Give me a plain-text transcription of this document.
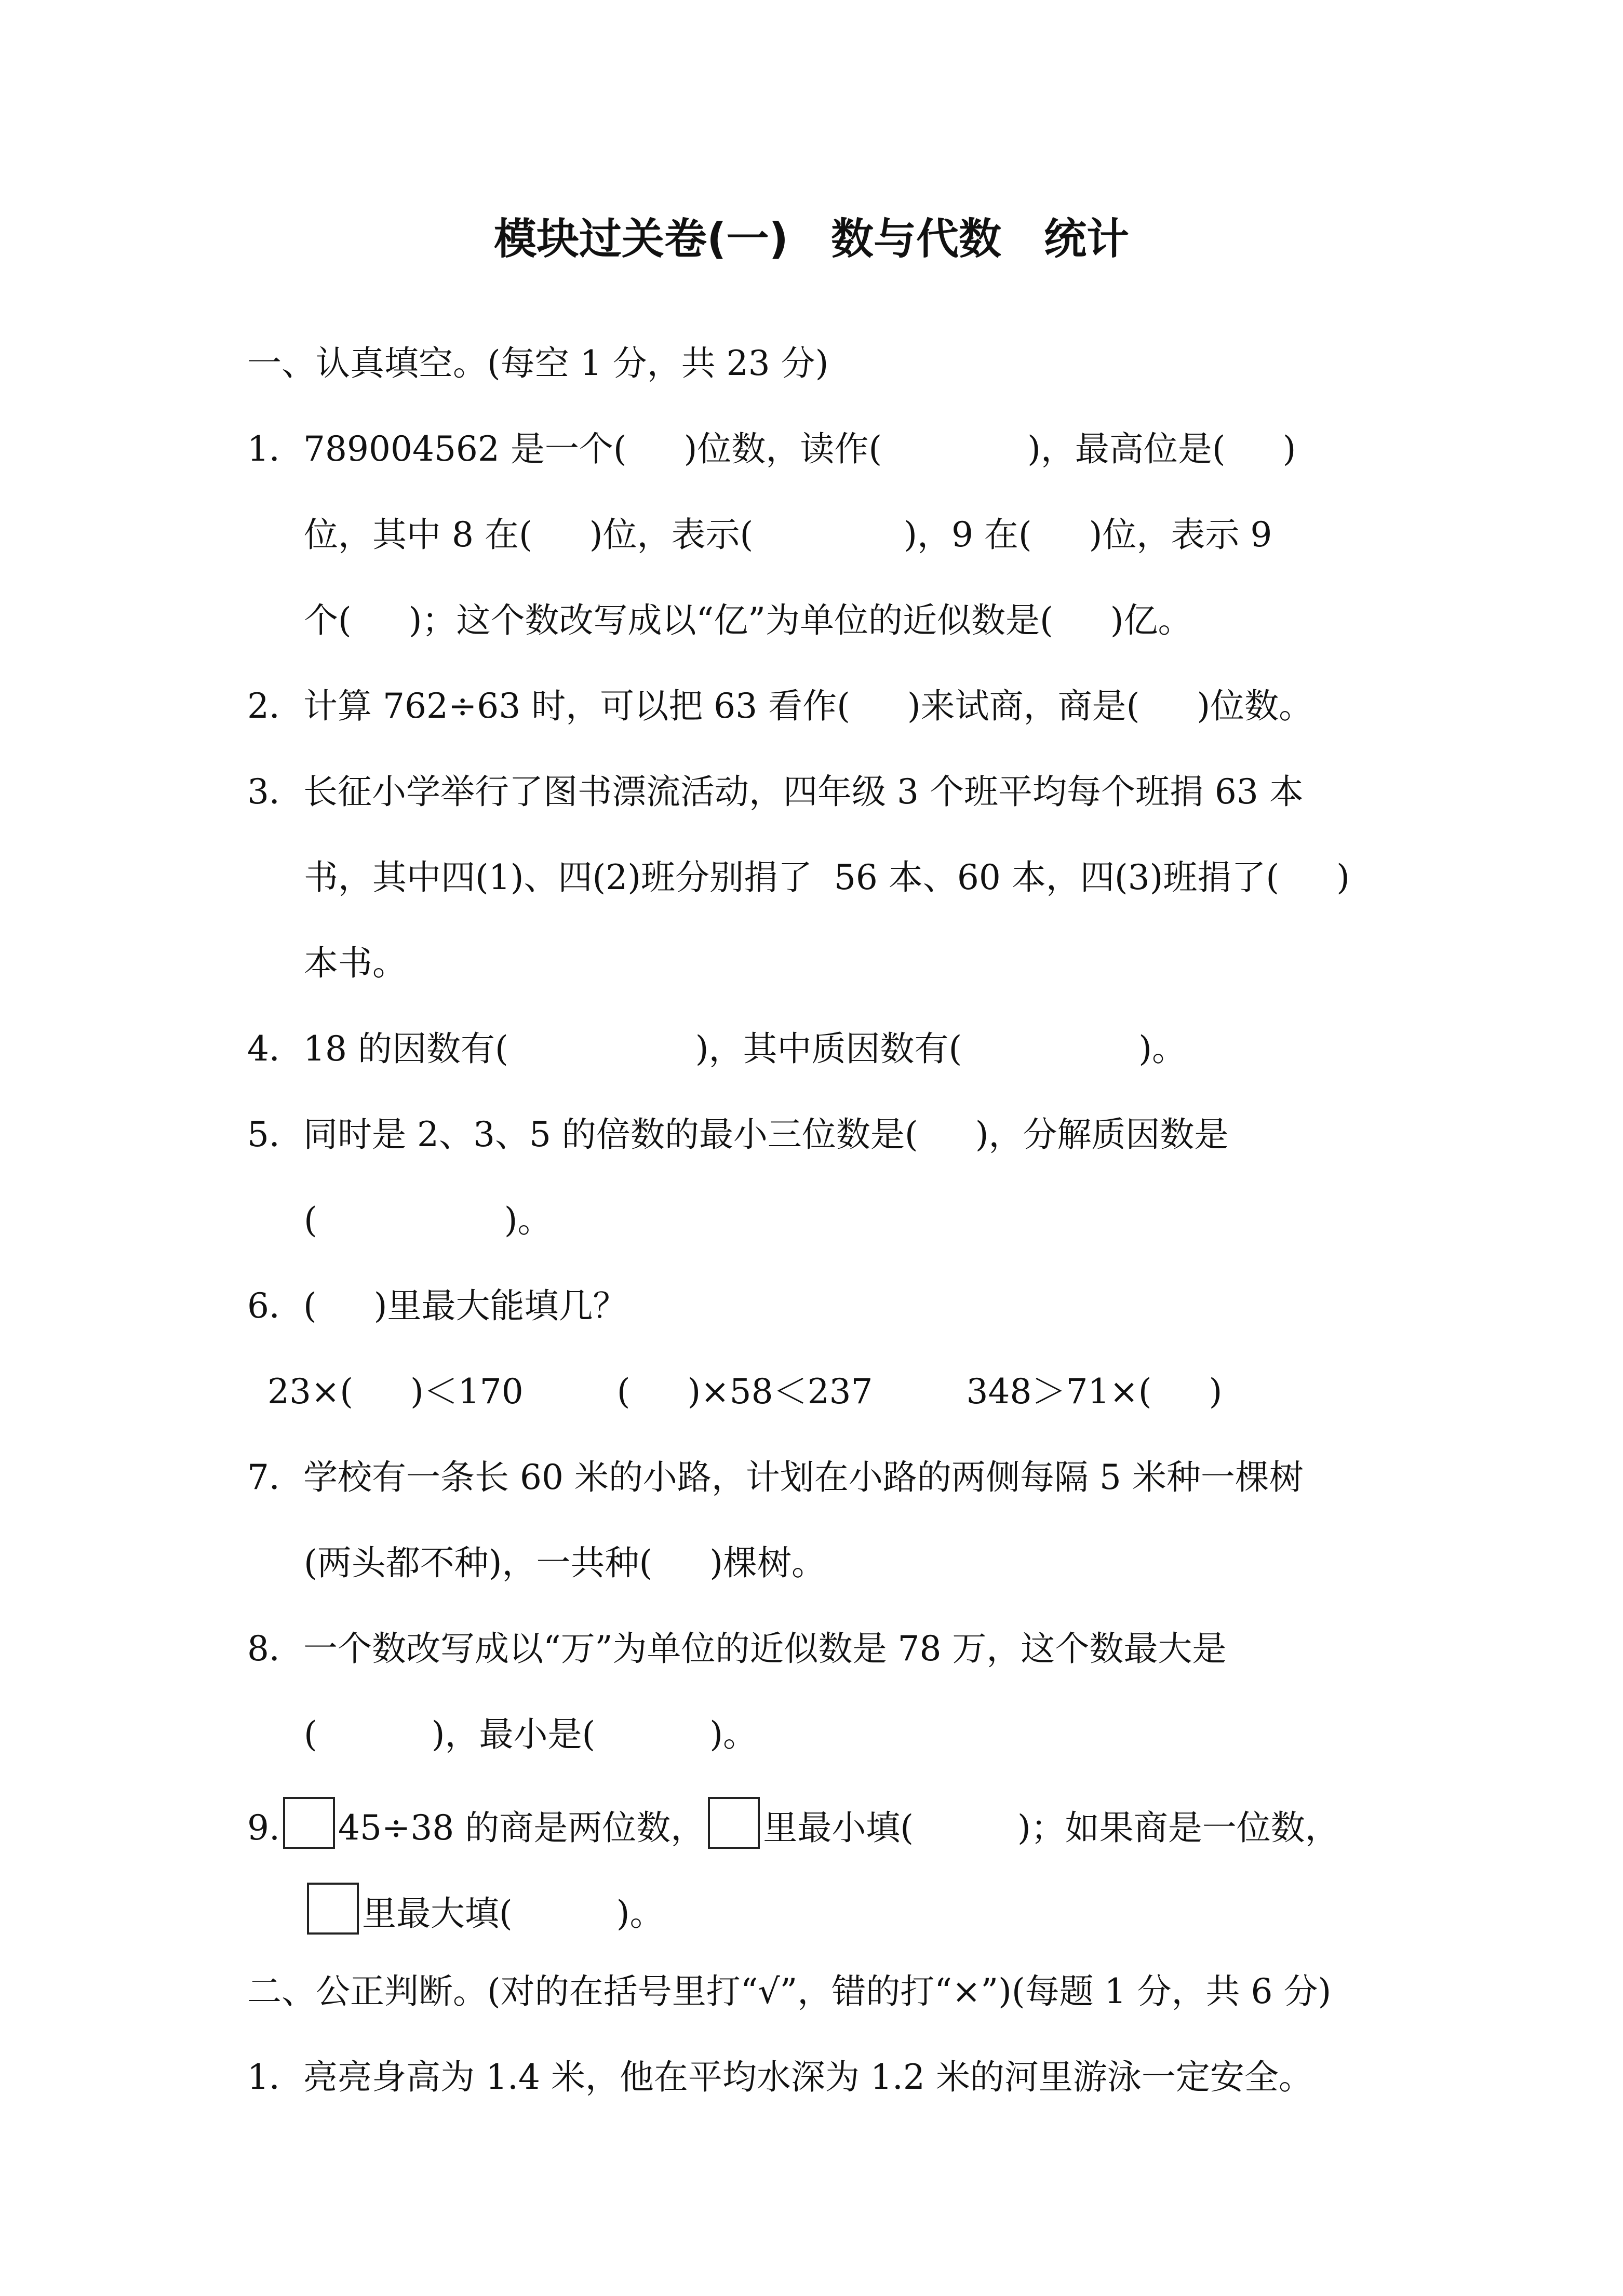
模块过关卷(一)　数与代数　统计
一、认真填空。(每空 1 分，共 23 分)
1．789004562 是一个( )位数，读作(	)，最高位是( )
位，其中 8 在( )位，表示(	)，9 在( )位，表示 9
个( )；这个数改写成以“亿”为单位的近似数是( )亿。
2．计算 762÷63 时，可以把 63 看作( )来试商，商是( )位数。
3．长征小学举行了图书漂流活动，四年级 3 个班平均每个班捐 63 本
书，其中四(1)、四(2)班分别捐了  56 本、60 本，四(3)班捐了( )
本书。
4．18 的因数有(	)，其中质因数有(	)。
5．同时是 2、3、5 的倍数的最小三位数是( )，分解质因数是
(	)。
6．( )里最大能填几？
23×( )＜170	( )×58＜237	348＞71×( )
7．学校有一条长 60 米的小路，计划在小路的两侧每隔 5 米种一棵树
(两头都不种)，一共种( )棵树。
8．一个数改写成以“万”为单位的近似数是 78 万，这个数最大是
(	)，最小是(	)。
9. 45÷38 的商是两位数， 里最小填(	)；如果商是一位数，
里最大填(	)。
二、公正判断。(对的在括号里打“√”，错的打“×”)(每题 1 分，共 6 分)
1．亮亮身高为 1.4 米，他在平均水深为 1.2 米的河里游泳一定安全。
